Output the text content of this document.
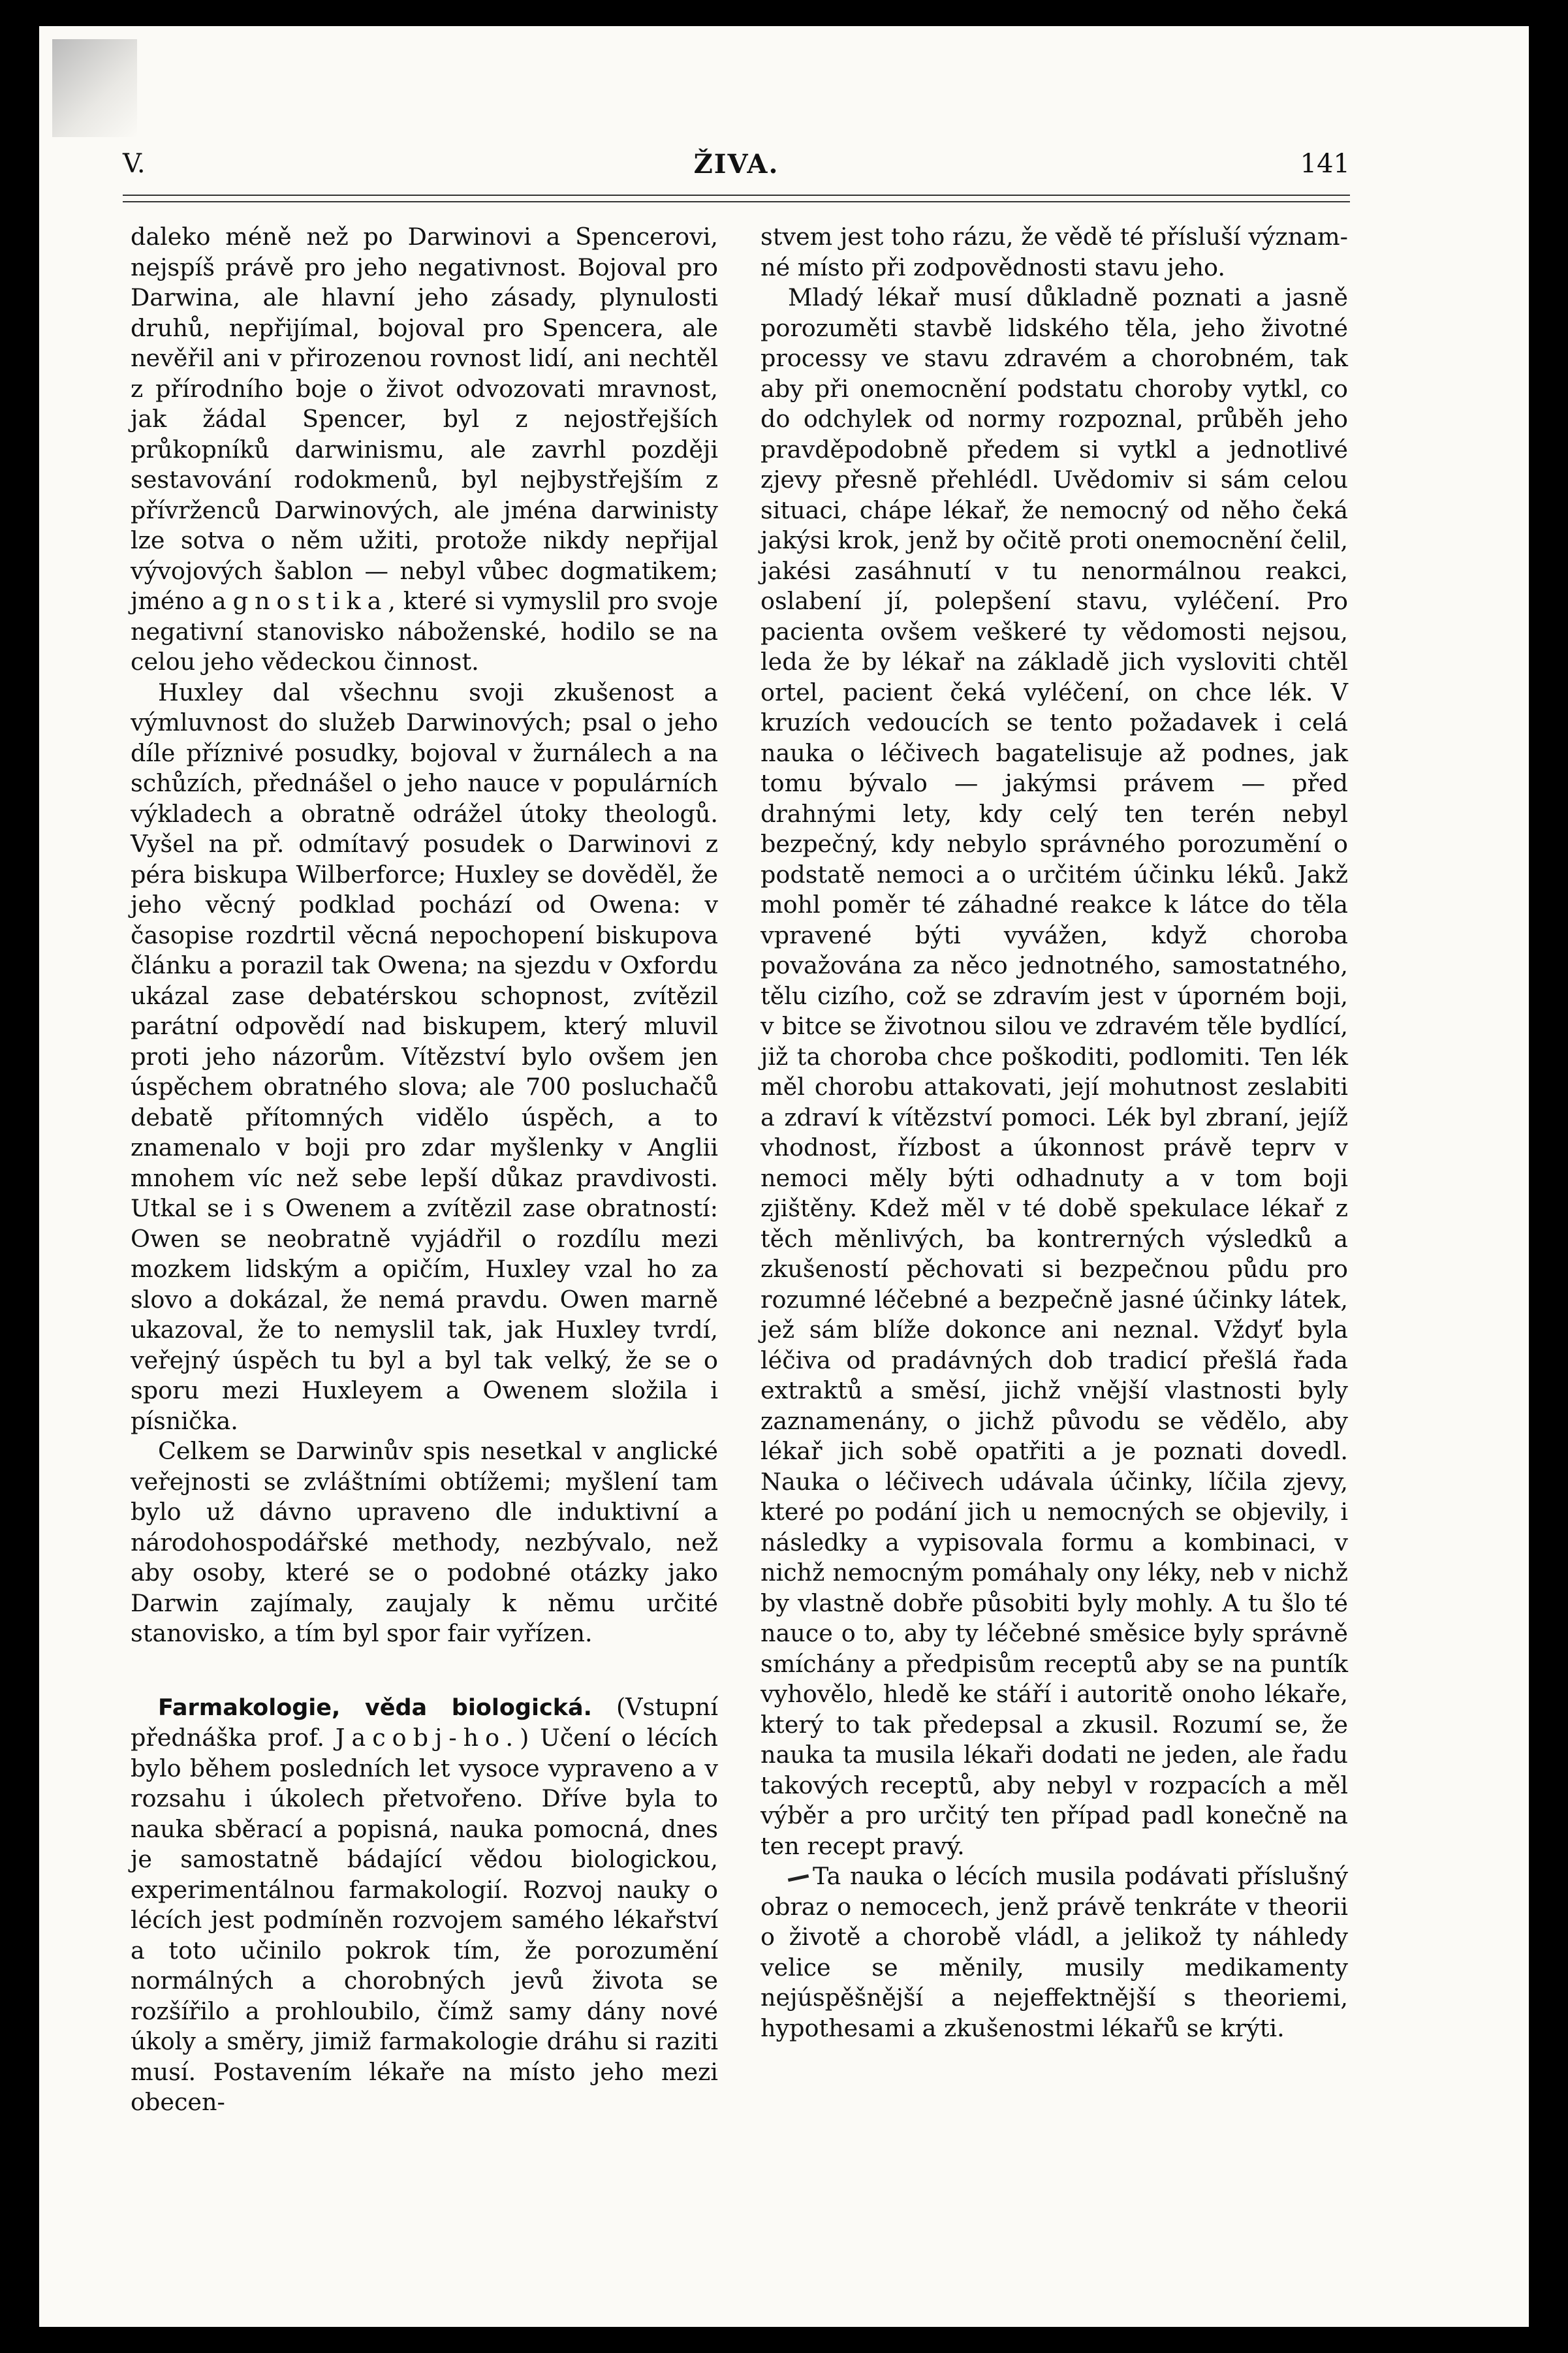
V.	ŽIVA.	141

daleko méně než po Darwinovi a Spencerovi, nejspíš právě pro jeho negativnost. Bojoval pro Darwina, ale hlavní jeho zásady, plynulosti druhů, nepřijímal, bojoval pro Spencera, ale nevěřil ani v přirozenou rovnost lidí, ani nechtěl z přírodního boje o život odvozovati mravnost, jak žádal Spencer, byl z nejostřejších průkopníků darwinismu, ale zavrhl později sestavování rodokmenů, byl nejbystřejším z přívrženců Darwinových, ale jména darwinisty lze sotva o něm užiti, protože nikdy nepřijal vývojových šablon — nebyl vůbec dogmatikem; jméno agnostika, které si vymyslil pro svoje negativní stanovisko náboženské, hodilo se na celou jeho vědeckou činnost.

Huxley dal všechnu svoji zkušenost a výmluvnost do služeb Darwinových; psal o jeho díle příznivé posudky, bojoval v žurnálech a na schůzích, přednášel o jeho nauce v populárních výkladech a obratně odrážel útoky theologů. Vyšel na př. odmítavý posudek o Darwinovi z péra biskupa Wilberforce; Huxley se dověděl, že jeho věcný podklad pochází od Owena: v časopise rozdrtil věcná nepochopení biskupova článku a porazil tak Owena; na sjezdu v Oxfordu ukázal zase debatérskou schopnost, zvítězil parátní odpovědí nad biskupem, který mluvil proti jeho názorům. Vítězství bylo ovšem jen úspěchem obratného slova; ale 700 posluchačů debatě přítomných vidělo úspěch, a to znamenalo v boji pro zdar myšlenky v Anglii mnohem víc než sebe lepší důkaz pravdivosti. Utkal se i s Owenem a zvítězil zase obratností: Owen se neobratně vyjádřil o rozdílu mezi mozkem lidským a opičím, Huxley vzal ho za slovo a dokázal, že nemá pravdu. Owen marně ukazoval, že to nemyslil tak, jak Huxley tvrdí, veřejný úspěch tu byl a byl tak velký, že se o sporu mezi Huxleyem a Owenem složila i písnička.

Celkem se Darwinův spis nesetkal v anglické veřejnosti se zvláštními obtížemi; myšlení tam bylo už dávno upraveno dle induktivní a národohospodářské methody, nezbývalo, než aby osoby, které se o podobné otázky jako Darwin zajímaly, zaujaly k němu určité stanovisko, a tím byl spor fair vyřízen.

Farmakologie, věda biologická. (Vstupní přednáška prof. Jacobj-ho.) Učení o lécích bylo během posledních let vysoce vypraveno a v rozsahu i úkolech přetvořeno. Dříve byla to nauka sběrací a popisná, nauka pomocná, dnes je samostatně bádající vědou biologickou, experimentálnou farmakologií. Rozvoj nauky o lécích jest podmíněn rozvojem samého lékařství a toto učinilo pokrok tím, že porozumění normálných a chorobných jevů života se rozšířilo a prohloubilo, čímž samy dány nové úkoly a směry, jimiž farmakologie dráhu si raziti musí. Postavením lékaře na místo jeho mezi obecen-

stvem jest toho rázu, že vědě té přísluší význam- né místo při zodpovědnosti stavu jeho.

Mladý lékař musí důkladně poznati a jasně porozuměti stavbě lidského těla, jeho životné processy ve stavu zdravém a chorobném, tak aby při onemocnění podstatu choroby vytkl, co do odchylek od normy rozpoznal, průběh jeho pravděpodobně předem si vytkl a jednotlivé zjevy přesně přehlédl. Uvědomiv si sám celou situaci, chápe lékař, že nemocný od něho čeká jakýsi krok, jenž by očitě proti onemocnění čelil, jakési zasáhnutí v tu nenormálnou reakci, oslabení jí, polepšení stavu, vyléčení. Pro pacienta ovšem veškeré ty vědomosti nejsou, leda že by lékař na základě jich vysloviti chtěl ortel, pacient čeká vyléčení, on chce lék. V kruzích vedoucích se tento požadavek i celá nauka o léčivech bagatelisuje až podnes, jak tomu bývalo — jakýmsi právem — před drahnými lety, kdy celý ten terén nebyl bezpečný, kdy nebylo správného porozumění o podstatě nemoci a o určitém účinku léků. Jakž mohl poměr té záhadné reakce k látce do těla vpravené býti vyvážen, když choroba považována za něco jednotného, samostatného, tělu cizího, což se zdravím jest v úporném boji, v bitce se životnou silou ve zdravém těle bydlící, již ta choroba chce poškoditi, podlomiti. Ten lék měl chorobu attakovati, její mohutnost zeslabiti a zdraví k vítězství pomoci. Lék byl zbraní, jejíž vhodnost, řízbost a úkonnost právě teprv v nemoci měly býti odhadnuty a v tom boji zjištěny. Kdež měl v té době spekulace lékař z těch měnlivých, ba kontrerných výsledků a zkušeností pěchovati si bezpečnou půdu pro rozumné léčebné a bezpečně jasné účinky látek, jež sám blíže dokonce ani neznal. Vždyť byla léčiva od pradávných dob tradicí přešlá řada extraktů a směsí, jichž vnější vlastnosti byly zaznamenány, o jichž původu se vědělo, aby lékař jich sobě opatřiti a je poznati dovedl. Nauka o léčivech udávala účinky, líčila zjevy, které po podání jich u nemocných se objevily, i následky a vypisovala formu a kombinaci, v nichž nemocným pomáhaly ony léky, neb v nichž by vlastně dobře působiti byly mohly. A tu šlo té nauce o to, aby ty léčebné směsice byly správně smíchány a předpisům receptů aby se na puntík vyhovělo, hledě ke stáří i autoritě onoho lékaře, který to tak předepsal a zkusil. Rozumí se, že nauka ta musila lékaři dodati ne jeden, ale řadu takových receptů, aby nebyl v rozpacích a měl výběr a pro určitý ten případ padl konečně na ten recept pravý.

Ta nauka o lécích musila podávati příslušný obraz o nemocech, jenž právě tenkráte v theorii o životě a chorobě vládl, a jelikož ty náhledy velice se měnily, musily medikamenty nejúspěšnější a nejeffektnější s theoriemi, hypothesami a zkušenostmi lékařů se krýti.
